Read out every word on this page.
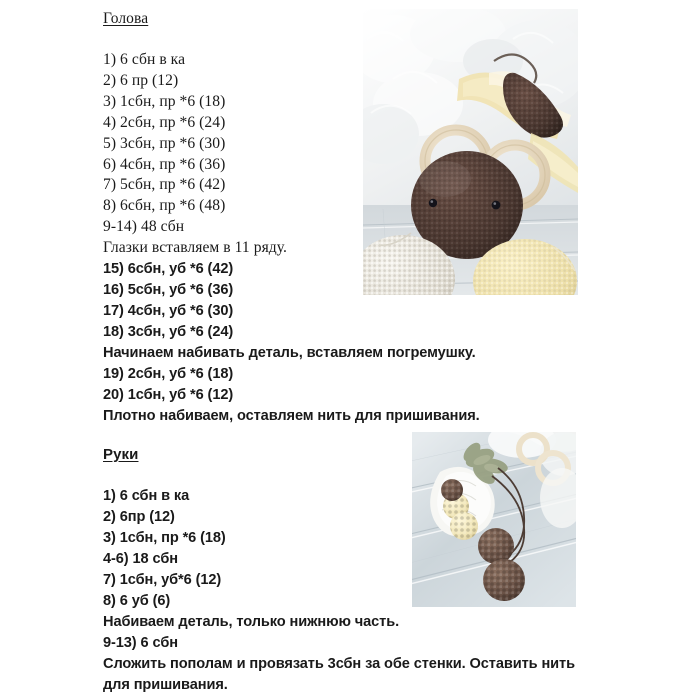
Голова
1) 6 сбн в ка
2) 6 пр (12)
3) 1сбн, пр *6 (18)
4) 2сбн, пр *6 (24)
5) 3сбн, пр *6 (30)
6) 4сбн, пр *6 (36)
7) 5сбн, пр *6 (42)
8) 6сбн, пр *6 (48)
9-14) 48 сбн
Глазки вставляем в 11 ряду.
15) 6сбн, уб *6 (42)
16) 5сбн, уб *6 (36)
17) 4сбн, уб *6 (30)
18) 3сбн, уб *6 (24)
Начинаем набивать деталь, вставляем погремушку.
19) 2сбн, уб *6 (18)
20) 1сбн, уб *6 (12)
Плотно набиваем, оставляем нить для пришивания.
Руки
1) 6 сбн в ка
2) 6пр (12)
3) 1сбн, пр *6 (18)
4-6) 18 сбн
7) 1сбн, уб*6 (12)
8) 6 уб (6)
Набиваем деталь, только нижнюю часть.
9-13) 6 сбн
Сложить пополам и провязать 3сбн за обе стенки. Оставить нить
для пришивания.
